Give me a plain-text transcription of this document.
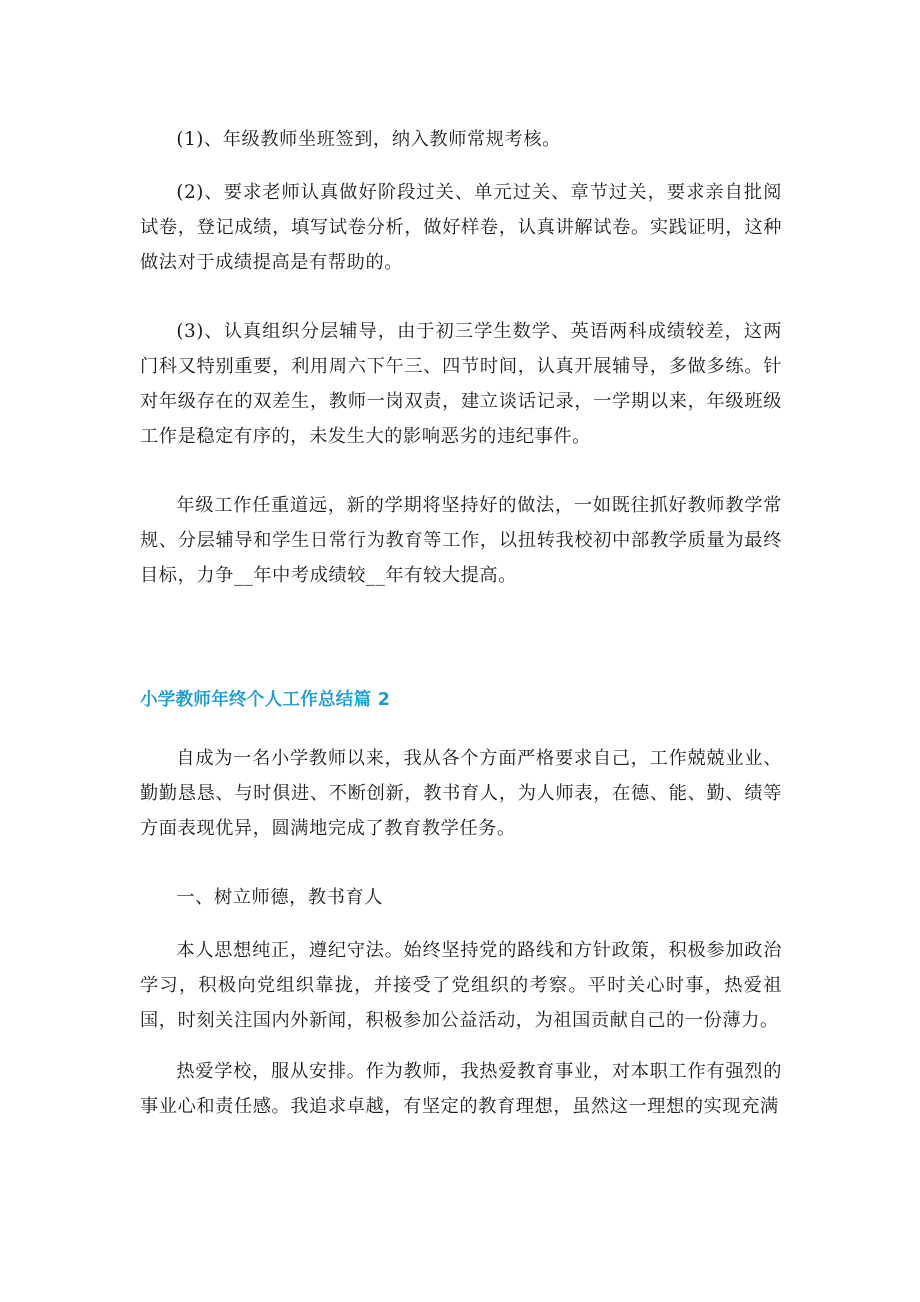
(1)、年级教师坐班签到，纳入教师常规考核。

(2)、要求老师认真做好阶段过关、单元过关、章节过关，要求亲自批阅试卷，登记成绩，填写试卷分析，做好样卷，认真讲解试卷。实践证明，这种做法对于成绩提高是有帮助的。

(3)、认真组织分层辅导，由于初三学生数学、英语两科成绩较差，这两门科又特别重要，利用周六下午三、四节时间，认真开展辅导，多做多练。针对年级存在的双差生，教师一岗双责，建立谈话记录，一学期以来，年级班级工作是稳定有序的，未发生大的影响恶劣的违纪事件。

年级工作任重道远，新的学期将坚持好的做法，一如既往抓好教师教学常规、分层辅导和学生日常行为教育等工作，以扭转我校初中部教学质量为最终目标，力争__年中考成绩较__年有较大提高。

小学教师年终个人工作总结篇 2

自成为一名小学教师以来，我从各个方面严格要求自己，工作兢兢业业、勤勤恳恳、与时俱进、不断创新，教书育人，为人师表，在德、能、勤、绩等方面表现优异，圆满地完成了教育教学任务。

一、树立师德，教书育人

本人思想纯正，遵纪守法。始终坚持党的路线和方针政策，积极参加政治学习，积极向党组织靠拢，并接受了党组织的考察。平时关心时事，热爱祖国，时刻关注国内外新闻，积极参加公益活动，为祖国贡献自己的一份薄力。

热爱学校，服从安排。作为教师，我热爱教育事业，对本职工作有强烈的事业心和责任感。我追求卓越，有坚定的教育理想，虽然这一理想的实现充满
